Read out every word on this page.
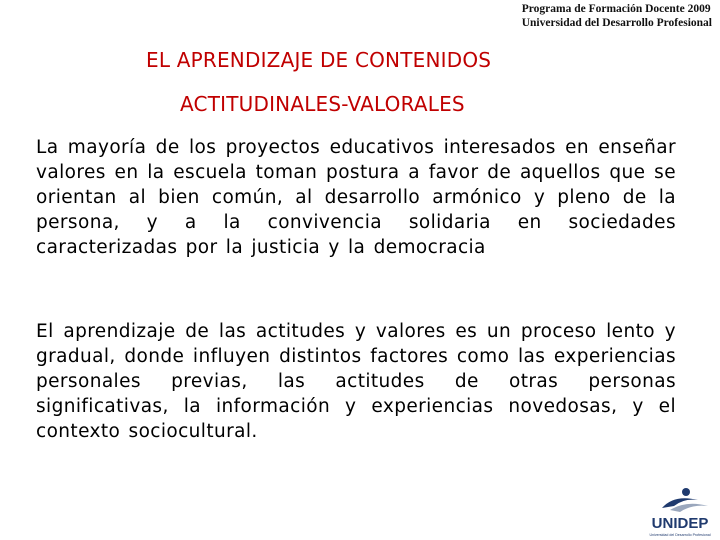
Programa de Formación Docente 2009
Universidad del Desarrollo Profesional
EL APRENDIZAJE DE CONTENIDOS
ACTITUDINALES-VALORALES
La mayoría de los proyectos educativos interesados en enseñar valores en la escuela toman postura a favor de aquellos que se orientan al bien común, al desarrollo armónico y pleno de la persona, y a la convivencia solidaria en sociedades caracterizadas por la justicia y la democracia
El aprendizaje de las actitudes y valores es un proceso lento y gradual, donde influyen distintos factores como las experiencias personales previas, las actitudes de otras personas significativas, la información y experiencias novedosas, y el contexto sociocultural.
UNIDEP
Universidad del Desarrollo Profesional
